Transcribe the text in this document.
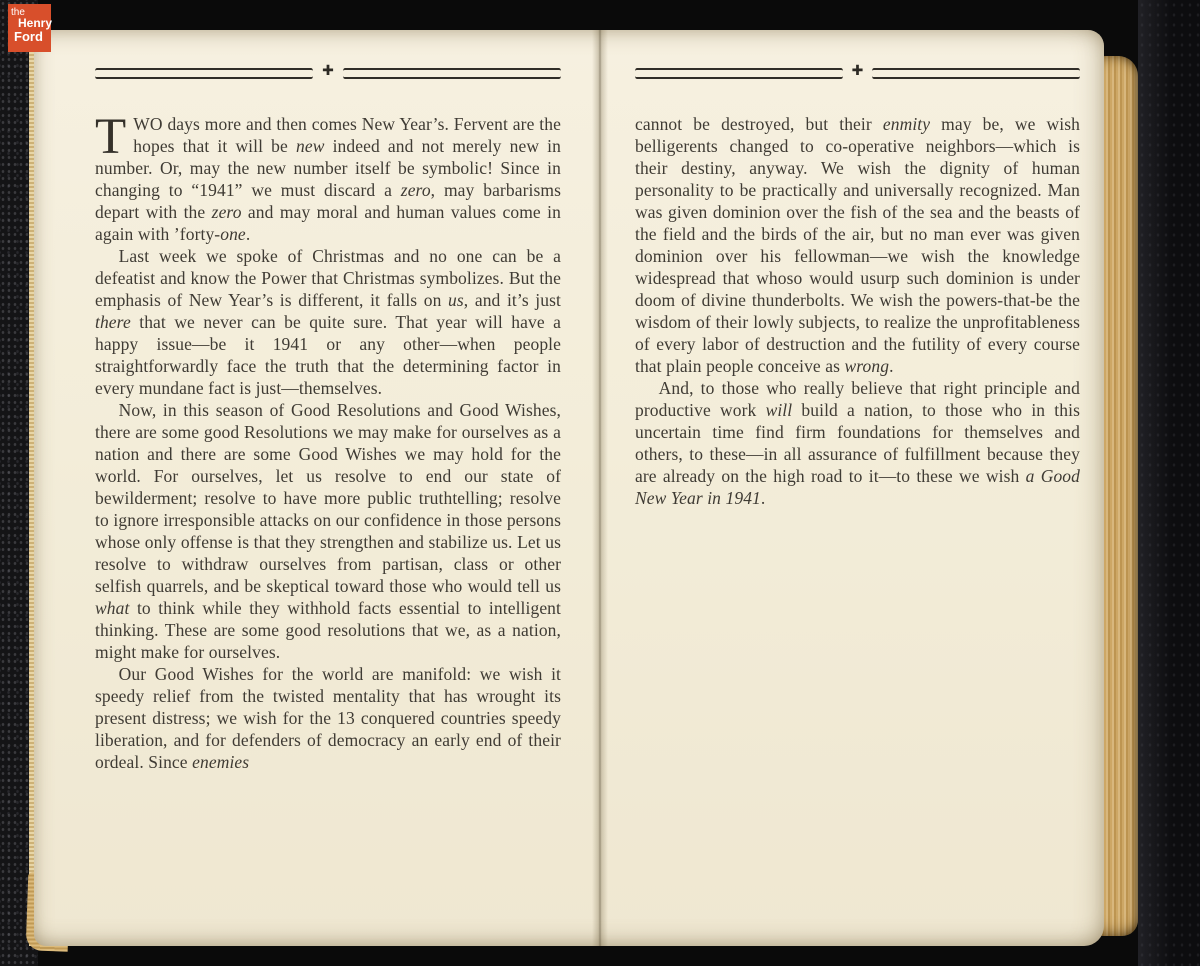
✚

TWO days more and then comes New Year’s. Fervent are the hopes that it will be new indeed and not merely new in number. Or, may the new number itself be symbolic! Since in changing to “1941” we must discard a zero, may barbarisms depart with the zero and may moral and human values come in again with ’forty-one.

Last week we spoke of Christmas and no one can be a defeatist and know the Power that Christmas symbolizes. But the emphasis of New Year’s is different, it falls on us, and it’s just there that we never can be quite sure. That year will have a happy issue—be it 1941 or any other—when people straightforwardly face the truth that the determining factor in every mundane fact is just—themselves.

Now, in this season of Good Resolutions and Good Wishes, there are some good Resolutions we may make for ourselves as a nation and there are some Good Wishes we may hold for the world. For ourselves, let us resolve to end our state of bewilderment; resolve to have more public truthtelling; resolve to ignore irresponsible attacks on our confidence in those persons whose only offense is that they strengthen and stabilize us. Let us resolve to withdraw ourselves from partisan, class or other selfish quarrels, and be skeptical toward those who would tell us what to think while they withhold facts essential to intelligent thinking. These are some good resolutions that we, as a nation, might make for ourselves.

Our Good Wishes for the world are manifold: we wish it speedy relief from the twisted mentality that has wrought its present distress; we wish for the 13 conquered countries speedy liberation, and for defenders of democracy an early end of their ordeal. Since enemies

✚

cannot be destroyed, but their enmity may be, we wish belligerents changed to co-operative neighbors—which is their destiny, anyway. We wish the dignity of human personality to be practically and universally recognized. Man was given dominion over the fish of the sea and the beasts of the field and the birds of the air, but no man ever was given dominion over his fellowman—we wish the knowledge widespread that whoso would usurp such dominion is under doom of divine thunderbolts. We wish the powers-that-be the wisdom of their lowly subjects, to realize the unprofitableness of every labor of destruction and the futility of every course that plain people conceive as wrong.

And, to those who really believe that right principle and productive work will build a nation, to those who in this uncertain time find firm foundations for themselves and others, to these—in all assurance of fulfillment because they are already on the high road to it—to these we wish a Good New Year in 1941.

the
Henry
Ford
